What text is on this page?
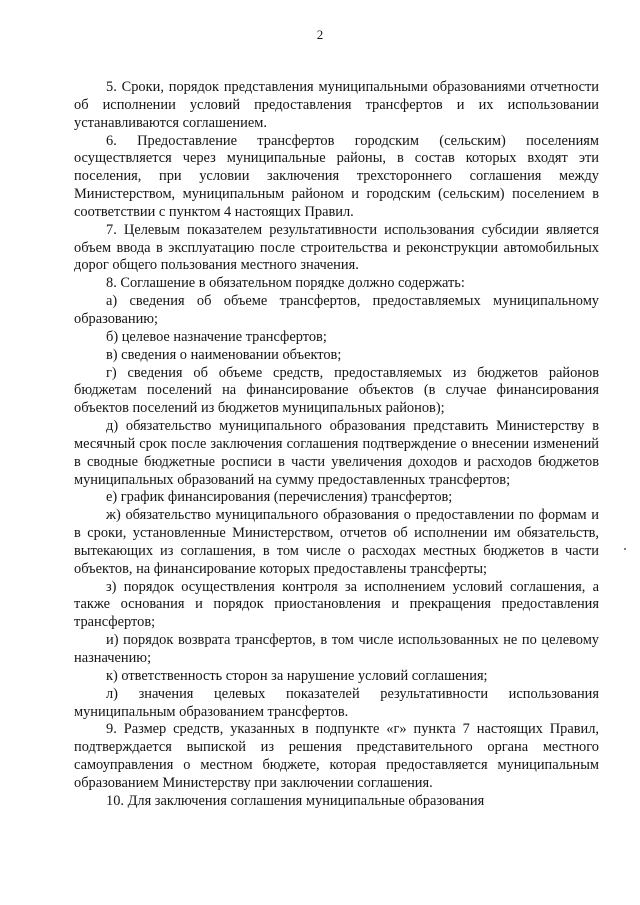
2

5. Сроки, порядок представления муниципальными образованиями отчетности об исполнении условий предоставления трансфертов и их использовании устанавливаются соглашением.

6. Предоставление трансфертов городским (сельским) поселениям осуществляется через муниципальные районы, в состав которых входят эти поселения, при условии заключения трехстороннего соглашения между Министерством, муниципальным районом и городским (сельским) поселением в соответствии с пунктом 4 настоящих Правил.

7. Целевым показателем результативности использования субсидии является объем ввода в эксплуатацию после строительства и реконструкции автомобильных дорог общего пользования местного значения.

8. Соглашение в обязательном порядке должно содержать:

а) сведения об объеме трансфертов, предоставляемых муниципальному образованию;

б) целевое назначение трансфертов;

в) сведения о наименовании объектов;

г) сведения об объеме средств, предоставляемых из бюджетов районов бюджетам поселений на финансирование объектов (в случае финансирования объектов поселений из бюджетов муниципальных районов);

д) обязательство муниципального образования представить Министерству в месячный срок после заключения соглашения подтверждение о внесении изменений в сводные бюджетные росписи в части увеличения доходов и расходов бюджетов муниципальных образований на сумму предоставленных трансфертов;

е) график финансирования (перечисления) трансфертов;

ж) обязательство муниципального образования о предоставлении по формам и в сроки, установленные Министерством, отчетов об исполнении им обязательств, вытекающих из соглашения, в том числе о расходах местных бюджетов в части объектов, на финансирование которых предоставлены трансферты;

з) порядок осуществления контроля за исполнением условий соглашения, а также основания и порядок приостановления и прекращения предоставления трансфертов;

и) порядок возврата трансфертов, в том числе использованных не по целевому назначению;

к) ответственность сторон за нарушение условий соглашения;

л) значения целевых показателей результативности использования муниципальным образованием трансфертов.

9. Размер средств, указанных в подпункте «г» пункта 7 настоящих Правил, подтверждается выпиской из решения представительного органа местного самоуправления о местном бюджете, которая предоставляется муниципальным образованием Министерству при заключении соглашения.

10. Для заключения соглашения муниципальные образования
